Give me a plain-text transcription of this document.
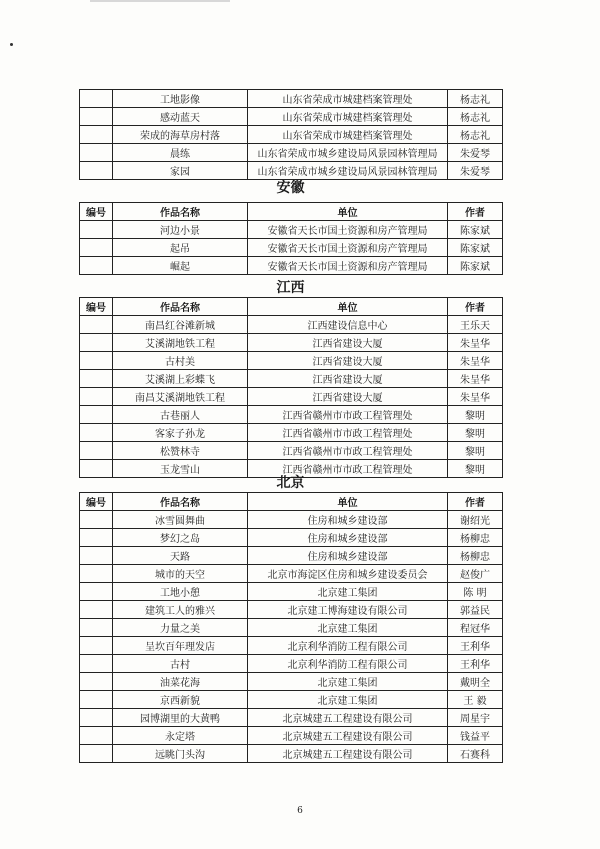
	工地影像	山东省荣成市城建档案管理处	杨志礼
	感动蓝天	山东省荣成市城建档案管理处	杨志礼
	荣成的海草房村落	山东省荣成市城建档案管理处	杨志礼
	晨练	山东省荣成市城乡建设局风景园林管理局	朱爱琴
	家园	山东省荣成市城乡建设局风景园林管理局	朱爱琴
安徽
编号	作品名称	单位	作者
	河边小景	安徽省天长市国土资源和房产管理局	陈家斌
	起吊	安徽省天长市国土资源和房产管理局	陈家斌
	崛起	安徽省天长市国土资源和房产管理局	陈家斌
江西
编号	作品名称	单位	作者
	南昌红谷滩新城	江西建设信息中心	王乐天
	艾溪湖地铁工程	江西省建设大厦	朱呈华
	古村美	江西省建设大厦	朱呈华
	艾溪湖上彩蝶飞	江西省建设大厦	朱呈华
	南昌艾溪湖地铁工程	江西省建设大厦	朱呈华
	古巷丽人	江西省赣州市市政工程管理处	黎明
	客家子孙龙	江西省赣州市市政工程管理处	黎明
	松赞林寺	江西省赣州市市政工程管理处	黎明
	玉龙雪山	江西省赣州市市政工程管理处	黎明
北京
编号	作品名称	单位	作者
	冰雪圆舞曲	住房和城乡建设部	谢绍光
	梦幻之岛	住房和城乡建设部	杨柳忠
	天路	住房和城乡建设部	杨柳忠
	城市的天空	北京市海淀区住房和城乡建设委员会	赵俊广
	工地小憩	北京建工集团	陈 明
	建筑工人的雅兴	北京建工博海建设有限公司	郭益民
	力量之美	北京建工集团	程冠华
	呈坎百年理发店	北京利华消防工程有限公司	王利华
	古村	北京利华消防工程有限公司	王利华
	油菜花海	北京建工集团	戴明全
	京西新貌	北京建工集团	王 毅
	园博湖里的大黄鸭	北京城建五工程建设有限公司	周星宇
	永定塔	北京城建五工程建设有限公司	钱益平
	远眺门头沟	北京城建五工程建设有限公司	石赛科
6
